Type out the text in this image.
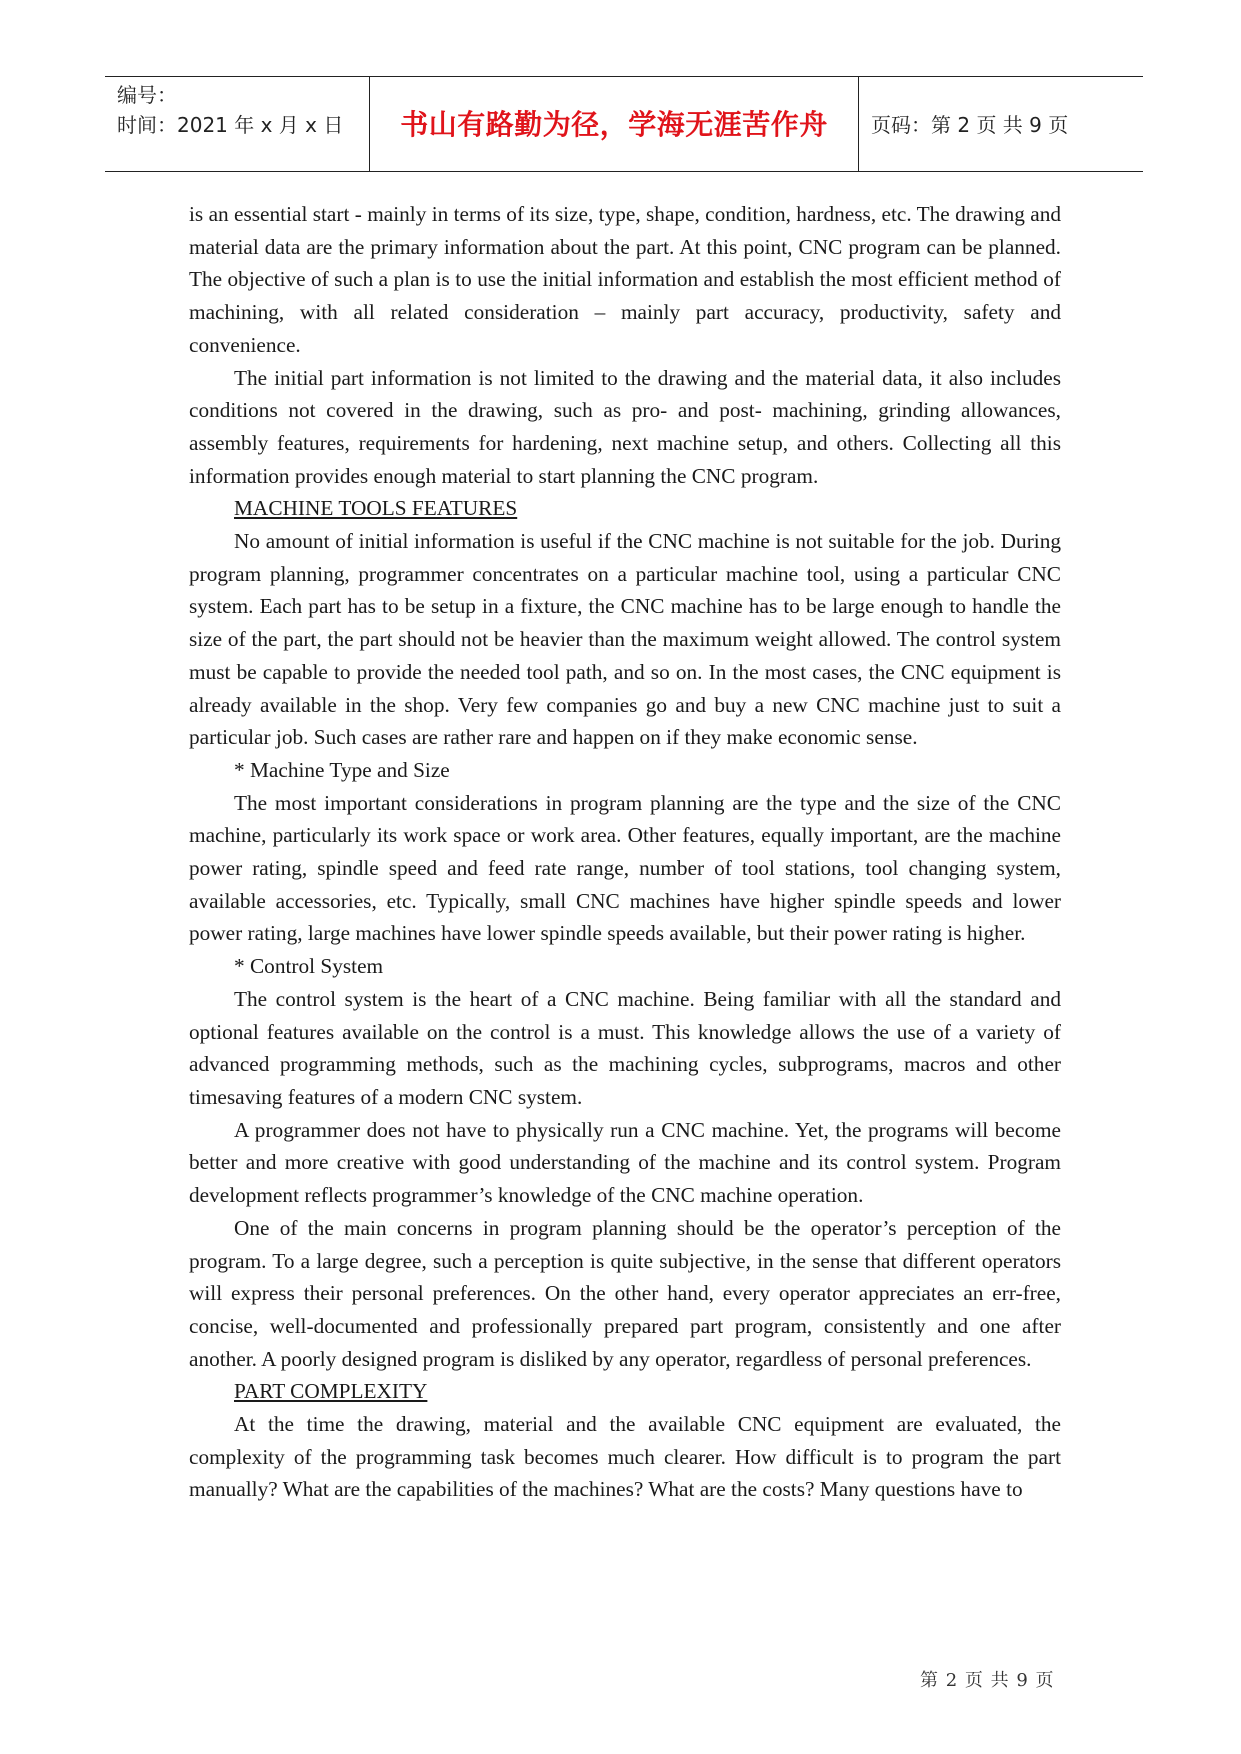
编号：
时间：2021 年 x 月 x 日	书山有路勤为径，学海无涯苦作舟	页码：第 2 页 共 9 页

is an essential start - mainly in terms of its size, type, shape, condition, hardness, etc. The drawing and material data are the primary information about the part. At this point, CNC program can be planned. The objective of such a plan is to use the initial information and establish the most efficient method of machining, with all related consideration – mainly part accuracy, productivity, safety and convenience.

The initial part information is not limited to the drawing and the material data, it also includes conditions not covered in the drawing, such as pro- and post- machining, grinding allowances, assembly features, requirements for hardening, next machine setup, and others. Collecting all this information provides enough material to start planning the CNC program.

MACHINE TOOLS FEATURES

No amount of initial information is useful if the CNC machine is not suitable for the job. During program planning, programmer concentrates on a particular machine tool, using a particular CNC system. Each part has to be setup in a fixture, the CNC machine has to be large enough to handle the size of the part, the part should not be heavier than the maximum weight allowed. The control system must be capable to provide the needed tool path, and so on. In the most cases, the CNC equipment is already available in the shop. Very few companies go and buy a new CNC machine just to suit a particular job. Such cases are rather rare and happen on if they make economic sense.

* Machine Type and Size

The most important considerations in program planning are the type and the size of the CNC machine, particularly its work space or work area. Other features, equally important, are the machine power rating, spindle speed and feed rate range, number of tool stations, tool changing system, available accessories, etc. Typically, small CNC machines have higher spindle speeds and lower power rating, large machines have lower spindle speeds available, but their power rating is higher.

* Control System

The control system is the heart of a CNC machine. Being familiar with all the standard and optional features available on the control is a must. This knowledge allows the use of a variety of advanced programming methods, such as the machining cycles, subprograms, macros and other timesaving features of a modern CNC system.

A programmer does not have to physically run a CNC machine. Yet, the programs will become better and more creative with good understanding of the machine and its control system. Program development reflects programmer’s knowledge of the CNC machine operation.

One of the main concerns in program planning should be the operator’s perception of the program. To a large degree, such a perception is quite subjective, in the sense that different operators will express their personal preferences. On the other hand, every operator appreciates an err-free, concise, well-documented and professionally prepared part program, consistently and one after another. A poorly designed program is disliked by any operator, regardless of personal preferences.

PART COMPLEXITY

At the time the drawing, material and the available CNC equipment are evaluated, the complexity of the programming task becomes much clearer. How difficult is to program the part manually? What are the capabilities of the machines? What are the costs? Many questions have to

第 2 页 共 9 页
